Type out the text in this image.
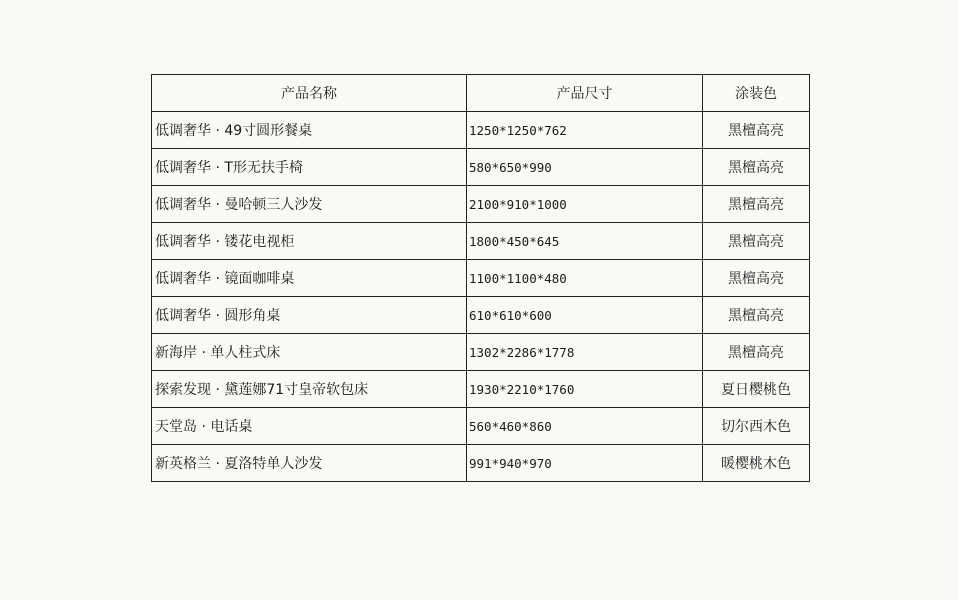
产品名称	产品尺寸	涂装色
低调奢华 · 49寸圆形餐桌	1250*1250*762	黑檀高亮
低调奢华 · T形无扶手椅	580*650*990	黑檀高亮
低调奢华 · 曼哈顿三人沙发	2100*910*1000	黑檀高亮
低调奢华 · 镂花电视柜	1800*450*645	黑檀高亮
低调奢华 · 镜面咖啡桌	1100*1100*480	黑檀高亮
低调奢华 · 圆形角桌	610*610*600	黑檀高亮
新海岸 · 单人柱式床	1302*2286*1778	黑檀高亮
探索发现 · 黛莲娜71寸皇帝软包床	1930*2210*1760	夏日樱桃色
天堂岛 · 电话桌	560*460*860	切尔西木色
新英格兰 · 夏洛特单人沙发	991*940*970	暖樱桃木色
